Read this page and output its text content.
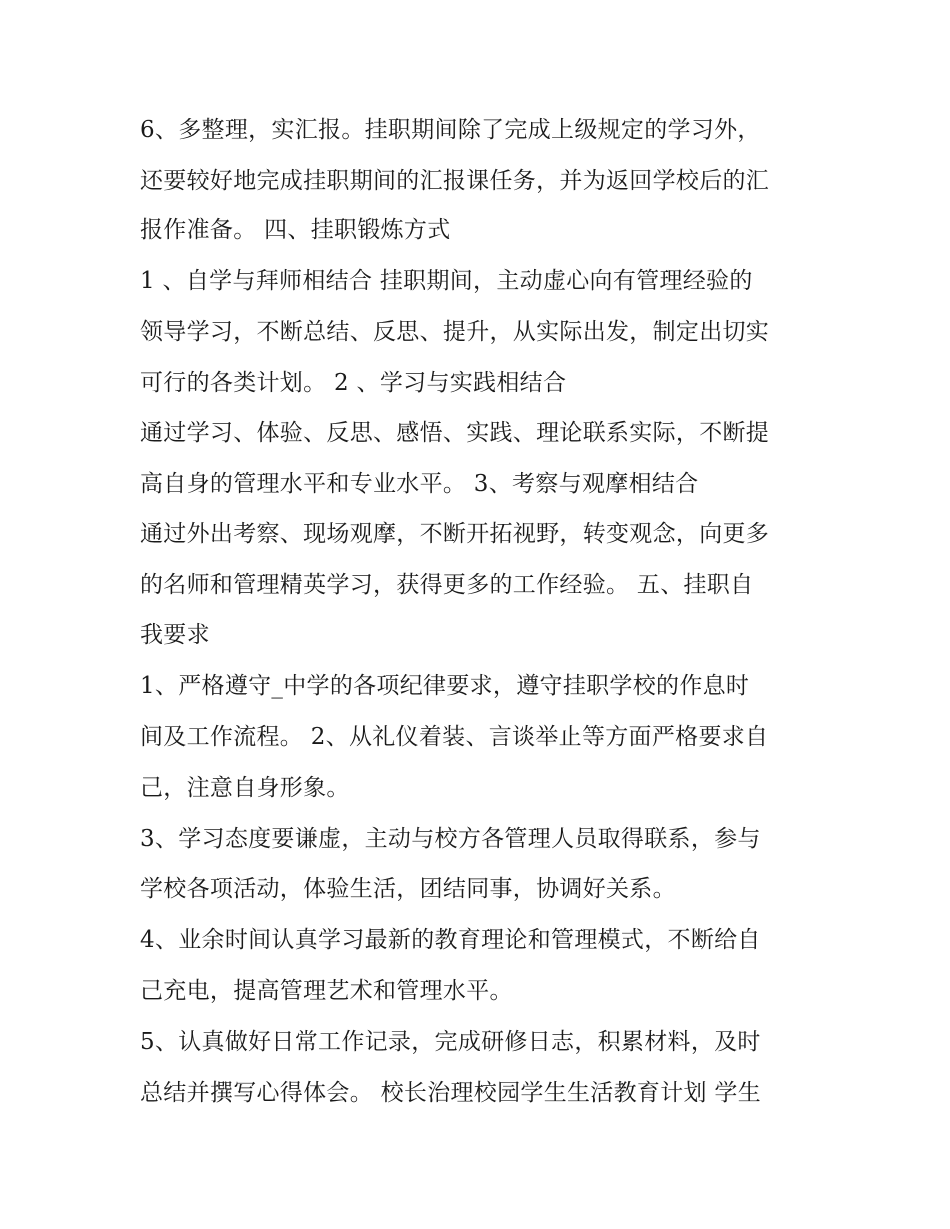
6、多整理，实汇报。挂职期间除了完成上级规定的学习外，
还要较好地完成挂职期间的汇报课任务，并为返回学校后的汇
报作准备。 四、挂职锻炼方式
1 、自学与拜师相结合 挂职期间，主动虚心向有管理经验的
领导学习，不断总结、反思、提升，从实际出发，制定出切实
可行的各类计划。 2 、学习与实践相结合
通过学习、体验、反思、感悟、实践、理论联系实际，不断提
高自身的管理水平和专业水平。 3、考察与观摩相结合
通过外出考察、现场观摩，不断开拓视野，转变观念，向更多
的名师和管理精英学习，获得更多的工作经验。 五、挂职自
我要求
1、严格遵守_中学的各项纪律要求，遵守挂职学校的作息时
间及工作流程。 2、从礼仪着装、言谈举止等方面严格要求自
己，注意自身形象。
3、学习态度要谦虚，主动与校方各管理人员取得联系，参与
学校各项活动，体验生活，团结同事，协调好关系。
4、业余时间认真学习最新的教育理论和管理模式，不断给自
己充电，提高管理艺术和管理水平。
5、认真做好日常工作记录，完成研修日志，积累材料，及时
总结并撰写心得体会。 校长治理校园学生生活教育计划 学生
